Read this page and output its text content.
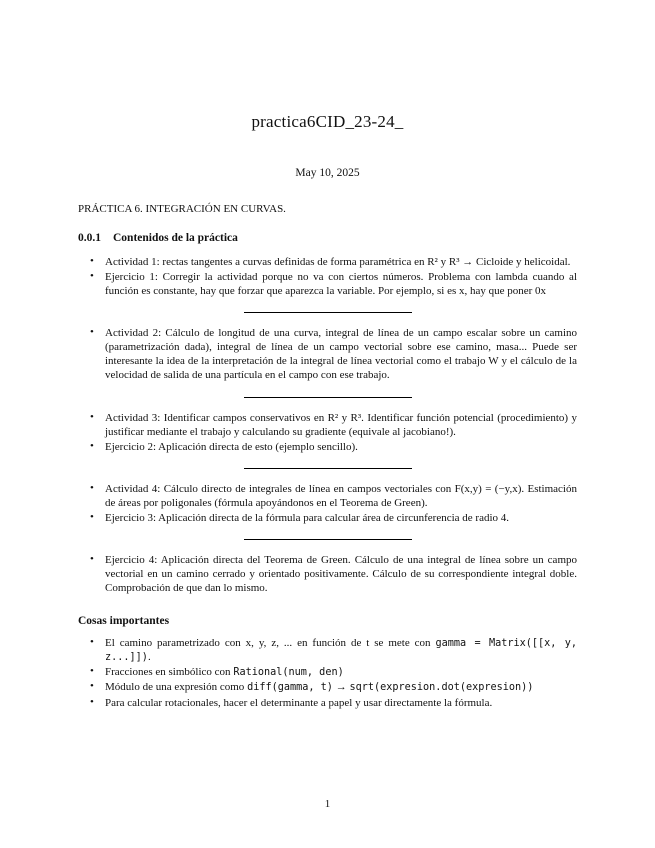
practica6CID_23-24_
May 10, 2025
PRÁCTICA 6. INTEGRACIÓN EN CURVAS.
0.0.1 Contenidos de la práctica
• Actividad 1: rectas tangentes a curvas definidas de forma paramétrica en R² y R³ → Cicloide y helicoidal.
• Ejercicio 1: Corregir la actividad porque no va con ciertos números. Problema con lambda cuando al función es constante, hay que forzar que aparezca la variable. Por ejemplo, si es x, hay que poner 0x
• Actividad 2: Cálculo de longitud de una curva, integral de línea de un campo escalar sobre un camino (parametrización dada), integral de línea de un campo vectorial sobre ese camino, masa... Puede ser interesante la idea de la interpretación de la integral de línea vectorial como el trabajo W y el cálculo de la velocidad de salida de una partícula en el campo con ese trabajo.
• Actividad 3: Identificar campos conservativos en R² y R³. Identificar función potencial (procedimiento) y justificar mediante el trabajo y calculando su gradiente (equivale al jacobiano!).
• Ejercicio 2: Aplicación directa de esto (ejemplo sencillo).
• Actividad 4: Cálculo directo de integrales de línea en campos vectoriales con F(x,y) = (−y,x). Estimación de áreas por poligonales (fórmula apoyándonos en el Teorema de Green).
• Ejercicio 3: Aplicación directa de la fórmula para calcular área de circunferencia de radio 4.
• Ejercicio 4: Aplicación directa del Teorema de Green. Cálculo de una integral de línea sobre un campo vectorial en un camino cerrado y orientado positivamente. Cálculo de su correspondiente integral doble. Comprobación de que dan lo mismo.
Cosas importantes
• El camino parametrizado con x, y, z, ... en función de t se mete con gamma = Matrix([[x, y, z...]]).
• Fracciones en simbólico con Rational(num, den)
• Módulo de una expresión como diff(gamma, t) → sqrt(expresion.dot(expresion))
• Para calcular rotacionales, hacer el determinante a papel y usar directamente la fórmula.
1
